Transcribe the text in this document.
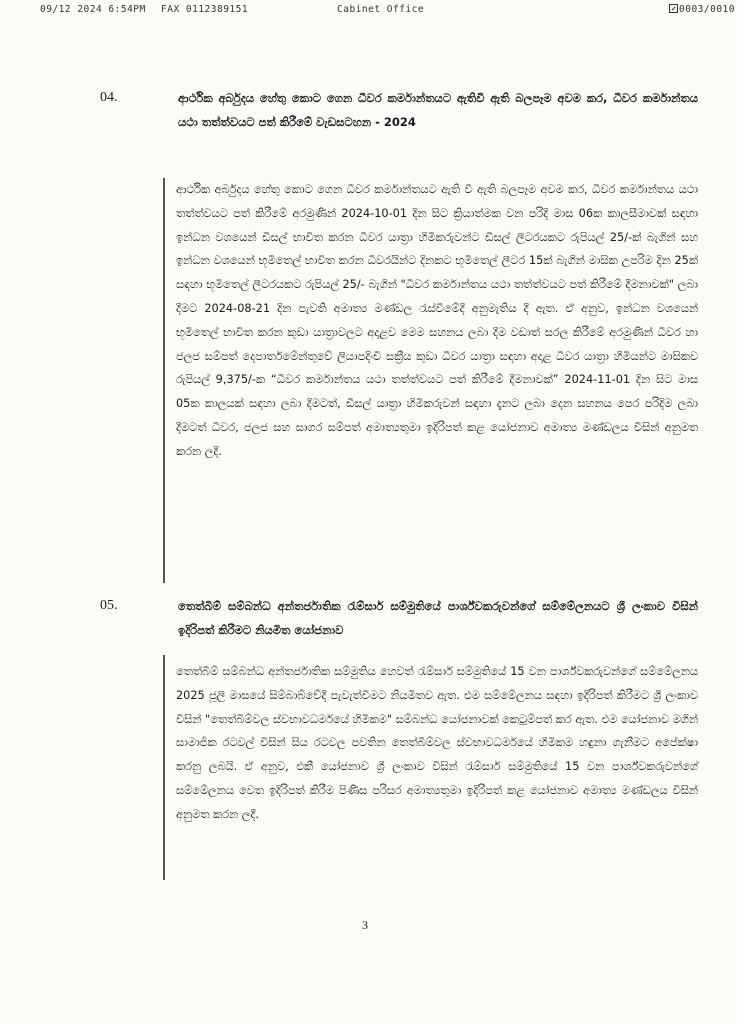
09/12 2024 6:54PM FAX 0112389151	Cabinet Office	0003/0010
04.	ආර්ථික අර්බුදය හේතු කොට ගෙන ධීවර කර්මාන්තයට ඇතිවී ඇති බලපෑම අවම කර, ධීවර කර්මාන්තය යථා තත්ත්වයට පත් කිරීමේ වැඩසටහන - 2024
ආර්ථික අර්බුදය හේතු කොට ගෙන ධීවර කර්මාන්තයට ඇති වී ඇති බලපෑම අවම කර, ධීවර කර්මාන්තය යථා තත්ත්වයට පත් කිරීමේ අරමුණින් 2024-10-01 දින සිට ක්‍රියාත්මක වන පරිදි මාස 06ක කාලසීමාවක් සඳහා ඉන්ධන වශයෙන් ඩීසල් භාවිත කරන ධීවර යාත්‍රා හිමිකරුවන්ට ඩීසල් ලීටරයකට රුපියල් 25/-ක් බැගින් සහ ඉන්ධන වශයෙන් භූමිතෙල් භාවිත කරන ධීවරයින්ට දිනකට භූමිතෙල් ලීටර 15ක් බැගින් මාසික උපරිම දින 25ක් සඳහා භූමිතෙල් ලීටරයකට රුපියල් 25/- බැගින් "ධීවර කර්මාන්තය යථා තත්ත්වයට පත් කිරීමේ දීමනාවක්" ලබා දීමට 2024-08-21 දින පැවති අමාත්‍ය මණ්ඩල රැස්වීමේදී අනුමැතිය දී ඇත. ඒ අනුව, ඉන්ධන වශයෙන් භූමිතෙල් භාවිත කරන කුඩා යාත්‍රාවලට අදාළව මෙම සහනය ලබා දීම වඩාත් සරල කිරීමේ අරමුණින් ධීවර හා ජලජ සම්පත් දෙපාර්තමේන්තුවේ ලියාපදිංචි සක්‍රීය කුඩා ධීවර යාත්‍රා සඳහා අදාළ ධීවර යාත්‍රා හිමියන්ට මාසිකව රුපියල් 9,375/-ක “ධීවර කර්මාන්තය යථා තත්ත්වයට පත් කිරීමේ දීමනාවක්” 2024-11-01 දින සිට මාස 05ක කාලයක් සඳහා ලබා දීමටත්, ඩීසල් යාත්‍රා හිමිකරුවන් සඳහා දැනට ලබා දෙන සහනය පෙර පරිදිම ලබා දීමටත් ධීවර, ජලජ සහ සාගර සම්පත් අමාත්‍යතුමා ඉදිරිපත් කළ යෝජනාව අමාත්‍ය මණ්ඩලය විසින් අනුමත කරන ලදී.
05.	තෙත්බිම් සම්බන්ධ අන්තර්ජාතික රැම්සාර් සම්මුතියේ පාර්ශ්වකරුවන්ගේ සම්මේලනයට ශ්‍රී ලංකාව විසින් ඉදිරිපත් කිරීමට නියමිත යෝජනාව
තෙත්බිම් සම්බන්ධ අන්තර්ජාතික සම්මුතිය හෙවත් රැම්සාර් සම්මුතියේ 15 වන පාර්ශ්වකරුවන්ගේ සම්මේලනය 2025 ජූලි මාසයේ සිම්බාබ්වේදී පැවැත්වීමට නියමිතව ඇත. එම සම්මේලනය සඳහා ඉදිරිපත් කිරීමට ශ්‍රී ලංකාව විසින් "තෙත්බිම්වල ස්වභාවධර්මයේ හිමිකම" සම්බන්ධ යෝජනාවක් කෙටුම්පත් කර ඇත. එම යෝජනාව මගින් සාමාජික රටවල් විසින් සිය රටවල පවතින තෙත්බිම්වල ස්වභාවධර්මයේ හිමිකම හඳුනා ගැනීමට අපේක්ෂා කරනු ලබයි. ඒ අනුව, එකී යෝජනාව ශ්‍රී ලංකාව විසින් රැම්සාර් සම්මුතියේ 15 වන පාර්ශ්වකරුවන්ගේ සම්මේලනය වෙත ඉදිරිපත් කිරීම පිණිස පරිසර අමාත්‍යතුමා ඉදිරිපත් කළ යෝජනාව අමාත්‍ය මණ්ඩලය විසින් අනුමත කරන ලදී.
3
